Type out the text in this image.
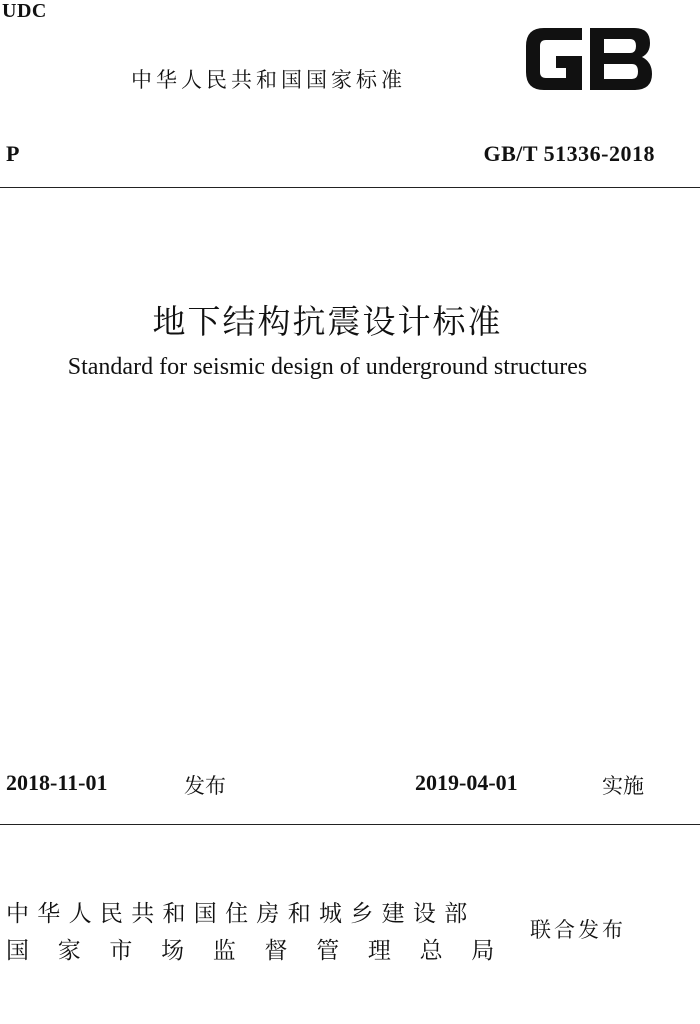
UDC
中华人民共和国国家标准
P	GB/T 51336-2018
地下结构抗震设计标准
Standard for seismic design of underground structures
2018-11-01	发布	2019-04-01	实施
中华人民共和国住房和城乡建设部
国家市场监督管理总局
联合发布
